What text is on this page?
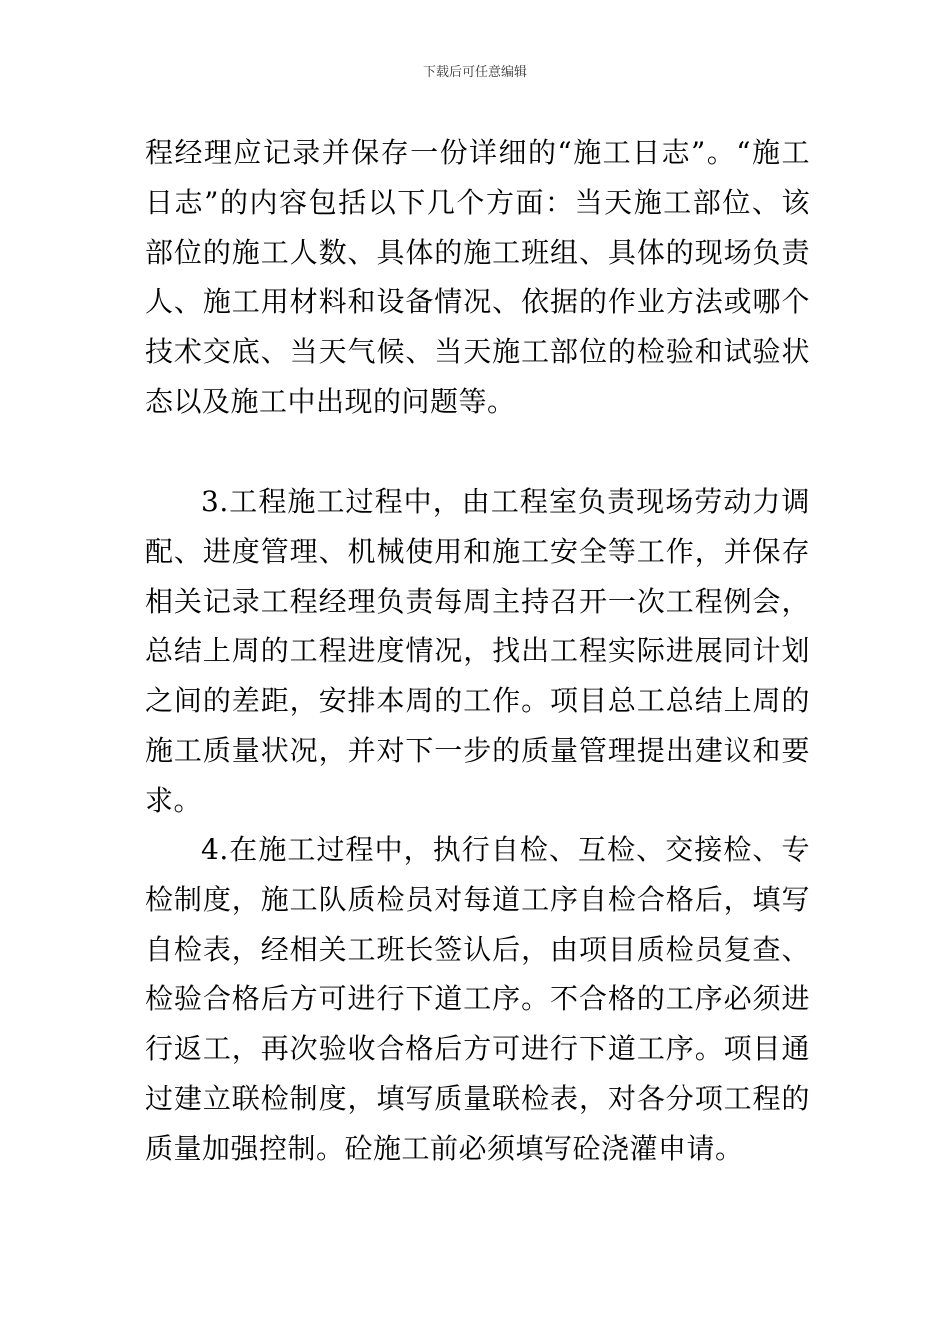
下载后可任意编辑

程经理应记录并保存一份详细的“施工日志”。“施工日志”的内容包括以下几个方面：当天施工部位、该部位的施工人数、具体的施工班组、具体的现场负责人、施工用材料和设备情况、依据的作业方法或哪个技术交底、当天气候、当天施工部位的检验和试验状态以及施工中出现的问题等。

3.工程施工过程中，由工程室负责现场劳动力调配、进度管理、机械使用和施工安全等工作，并保存相关记录工程经理负责每周主持召开一次工程例会，总结上周的工程进度情况，找出工程实际进展同计划之间的差距，安排本周的工作。项目总工总结上周的施工质量状况，并对下一步的质量管理提出建议和要求。

4.在施工过程中，执行自检、互检、交接检、专检制度，施工队质检员对每道工序自检合格后，填写自检表，经相关工班长签认后，由项目质检员复查、检验合格后方可进行下道工序。不合格的工序必须进行返工，再次验收合格后方可进行下道工序。项目通过建立联检制度，填写质量联检表，对各分项工程的质量加强控制。砼施工前必须填写砼浇灌申请。
